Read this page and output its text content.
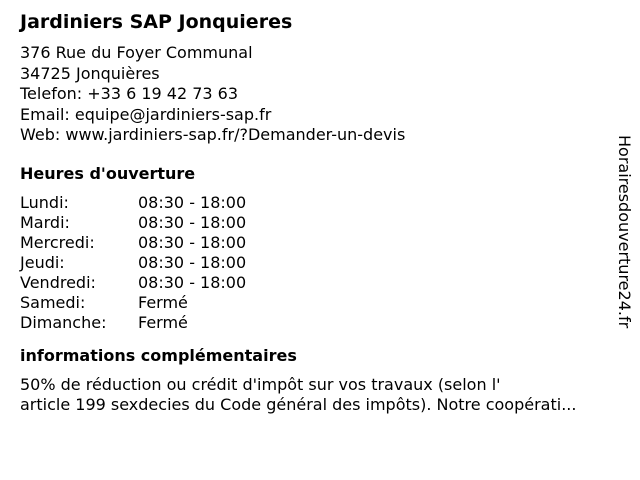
Jardiniers SAP Jonquieres
376 Rue du Foyer Communal
34725 Jonquières
Telefon: +33 6 19 42 73 63
Email: equipe@jardiniers-sap.fr
Web: www.jardiniers-sap.fr/?Demander-un-devis
Heures d'ouverture
Lundi:	08:30 - 18:00
Mardi:	08:30 - 18:00
Mercredi:	08:30 - 18:00
Jeudi:	08:30 - 18:00
Vendredi:	08:30 - 18:00
Samedi:	Fermé
Dimanche:	Fermé
informations complémentaires
50% de réduction ou crédit d'impôt sur vos travaux (selon l'
article 199 sexdecies du Code général des impôts). Notre coopérati...
Horairesdouverture24.fr
